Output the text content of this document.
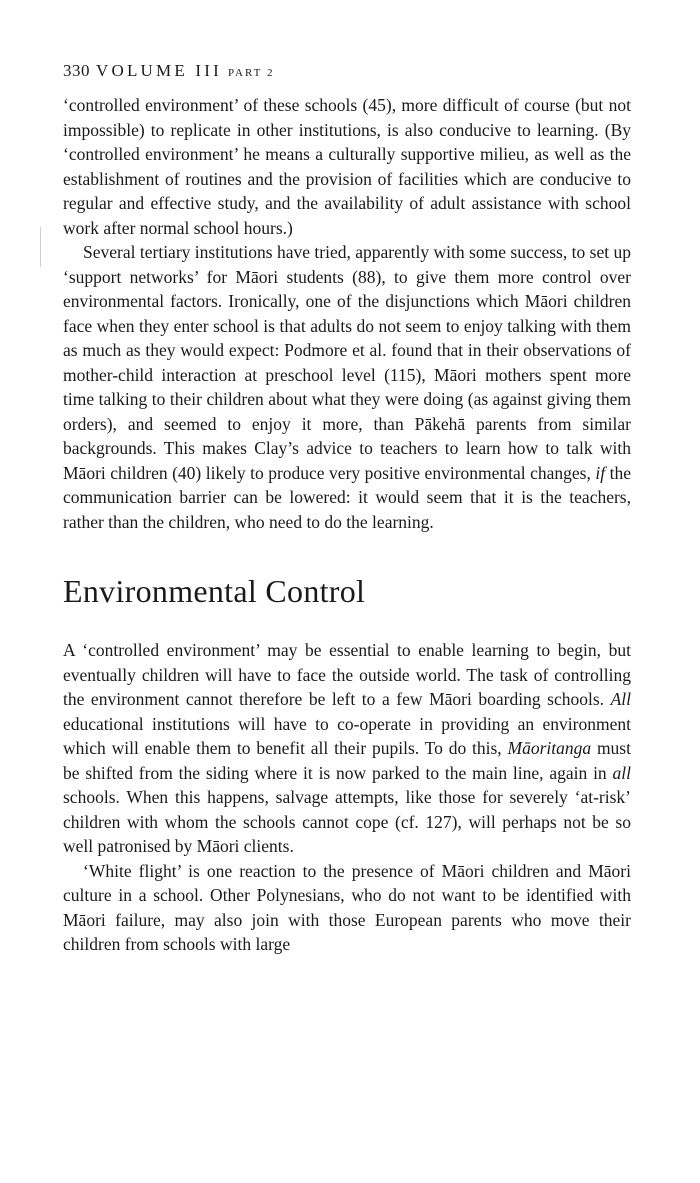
330 VOLUME III PART 2

‘controlled environment’ of these schools (45), more difficult of course (but not impossible) to replicate in other institutions, is also conducive to learning. (By ‘controlled environment’ he means a culturally supportive milieu, as well as the establishment of routines and the provision of facilities which are conducive to regular and effective study, and the availability of adult assistance with school work after normal school hours.)

Several tertiary institutions have tried, apparently with some success, to set up ‘support networks’ for Māori students (88), to give them more control over environmental factors. Ironically, one of the disjunctions which Māori children face when they enter school is that adults do not seem to enjoy talking with them as much as they would expect: Podmore et al. found that in their observations of mother-child interaction at preschool level (115), Māori mothers spent more time talking to their children about what they were doing (as against giving them orders), and seemed to enjoy it more, than Pākehā parents from similar backgrounds. This makes Clay’s advice to teachers to learn how to talk with Māori children (40) likely to produce very positive environmental changes, if the communication barrier can be lowered: it would seem that it is the teachers, rather than the children, who need to do the learning.

Environmental Control

A ‘controlled environment’ may be essential to enable learning to begin, but eventually children will have to face the outside world. The task of controlling the environment cannot therefore be left to a few Māori boarding schools. All educational institutions will have to co-operate in providing an environment which will enable them to benefit all their pupils. To do this, Māoritanga must be shifted from the siding where it is now parked to the main line, again in all schools. When this happens, salvage attempts, like those for severely ‘at-risk’ children with whom the schools cannot cope (cf. 127), will perhaps not be so well patronised by Māori clients.

‘White flight’ is one reaction to the presence of Māori children and Māori culture in a school. Other Polynesians, who do not want to be identified with Māori failure, may also join with those European parents who move their children from schools with large
